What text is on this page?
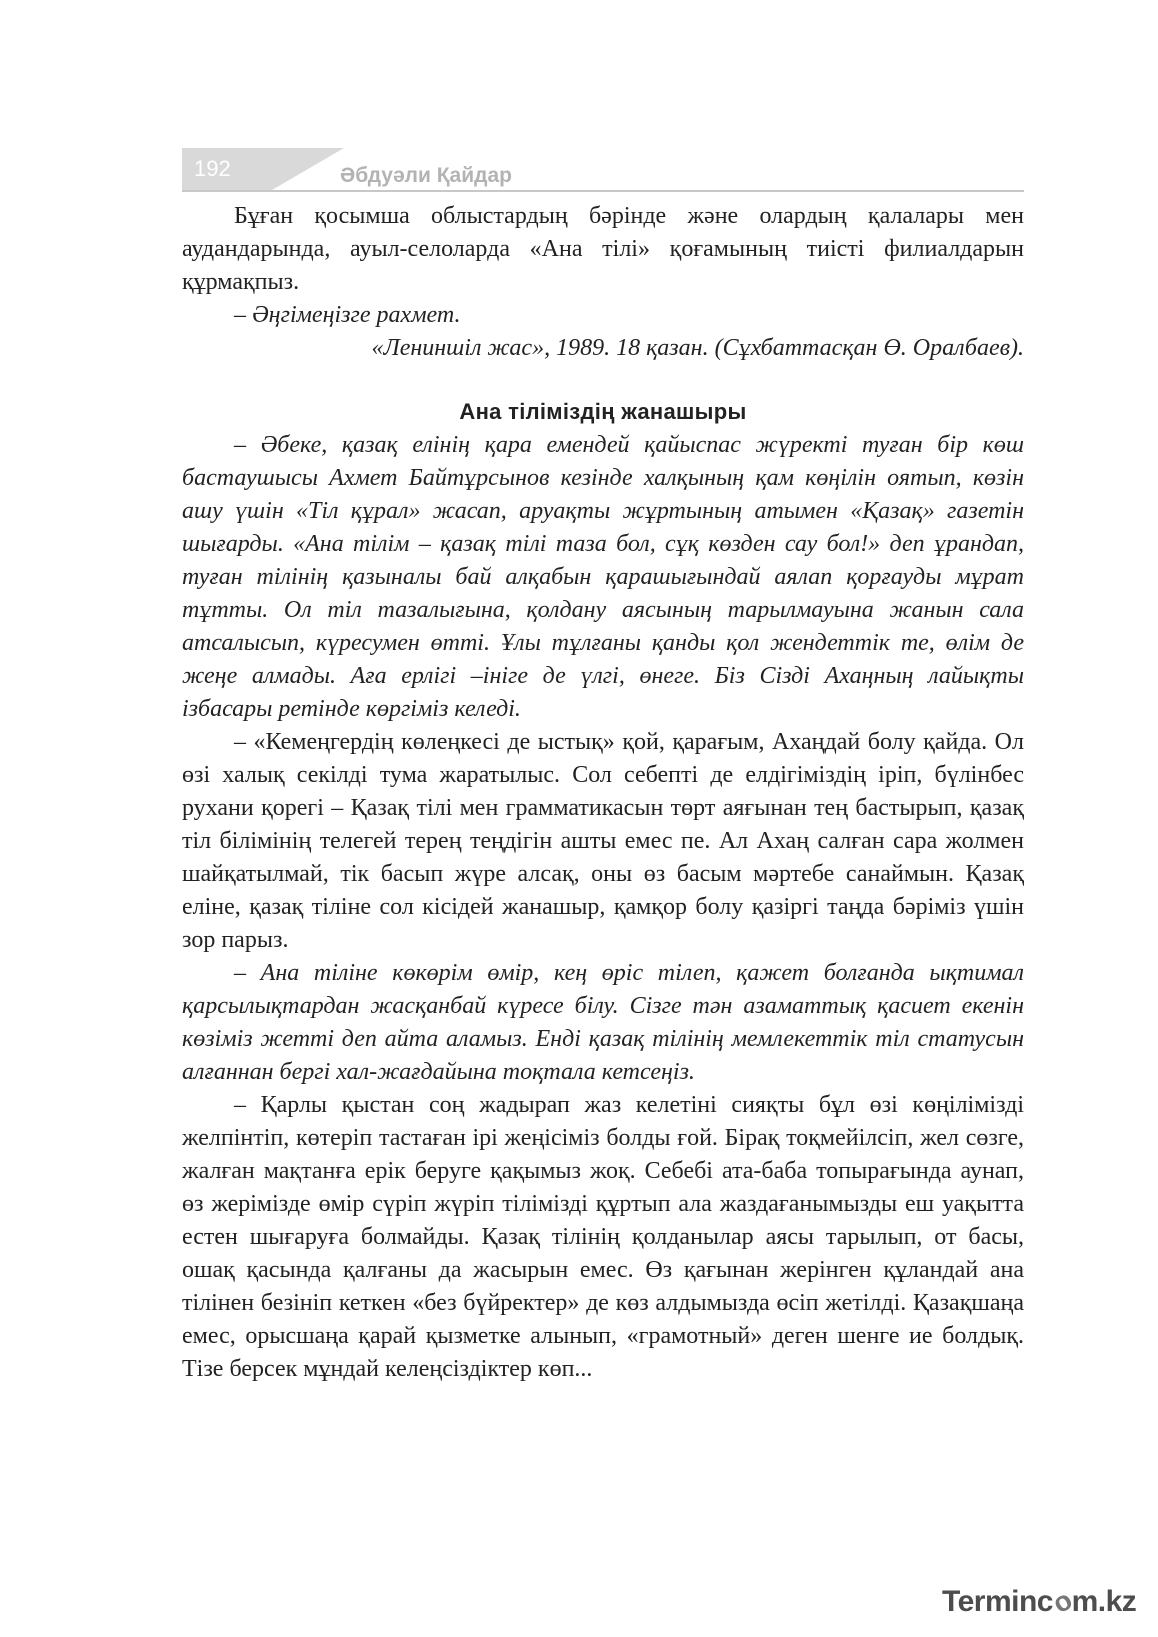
192	Әбдуәли Қайдар

Бұған қосымша облыстардың бәрінде және олардың қалалары мен аудандарында, ауыл-селоларда «Ана тілі» қоғамының тиісті филиалдарын құрмақпыз.

– Әңгімеңізге рахмет.

«Лениншіл жас», 1989. 18 қазан. (Сұхбаттасқан Ө. Оралбаев).

Ана тіліміздің жанашыры

– Әбеке, қазақ елінің қара емендей қайыспас жүректі туған бір көш бастаушысы Ахмет Байтұрсынов кезінде халқының қам көңілін оятып, көзін ашу үшін «Тіл құрал» жасап, аруақты жұртының атымен «Қазақ» газетін шығарды. «Ана тілім – қазақ тілі таза бол, сұқ көзден сау бол!» деп ұрандап, туған тілінің қазыналы бай алқабын қарашығындай аялап қорғауды мұрат тұтты. Ол тіл тазалығына, қолдану аясының тарылмауына жанын сала атсалысып, күресумен өтті. Ұлы тұлғаны қанды қол жендеттік те, өлім де жеңе алмады. Аға ерлігі –ініге де үлгі, өнеге. Біз Сізді Ахаңның лайықты ізбасары ретінде көргіміз келеді.

– «Кемеңгердің көлеңкесі де ыстық» қой, қарағым, Ахаңдай болу қайда. Ол өзі халық секілді тума жаратылыс. Сол себепті де елдігіміздің іріп, бүлінбес рухани қорегі – Қазақ тілі мен грамматикасын төрт аяғынан тең бастырып, қазақ тіл білімінің телегей терең теңдігін ашты емес пе. Ал Ахаң салған сара жолмен шайқатылмай, тік басып жүре алсақ, оны өз басым мәртебе санаймын. Қазақ еліне, қазақ тіліне сол кісідей жанашыр, қамқор болу қазіргі таңда бәріміз үшін зор парыз.

– Ана тіліне көкөрім өмір, кең өріс тілеп, қажет болғанда ықтимал қарсылықтардан жасқанбай күресе білу. Сізге тән азаматтық қасиет екенін көзіміз жетті деп айта аламыз. Енді қазақ тілінің мемлекеттік тіл статусын алғаннан бергі хал-жағдайына тоқтала кетсеңіз.

– Қарлы қыстан соң жадырап жаз келетіні сияқты бұл өзі көңілімізді желпінтіп, көтеріп тастаған ірі жеңісіміз болды ғой. Бірақ тоқмейілсіп, жел сөзге, жалған мақтанға ерік беруге қақымыз жоқ. Себебі ата-баба топырағында аунап, өз жерімізде өмір сүріп жүріп тілімізді құртып ала жаздағанымызды еш уақытта естен шығаруға болмайды. Қазақ тілінің қолданылар аясы тарылып, от басы, ошақ қасында қалғаны да жасырын емес. Өз қағынан жерінген құландай ана тілінен безініп кеткен «без бүйректер» де көз алдымызда өсіп жетілді. Қазақшаңа емес, орысшаңа қарай қызметке алынып, «грамотный» деген шенге ие болдық. Тізе берсек мұндай келеңсіздіктер көп...

Termincom.kz
